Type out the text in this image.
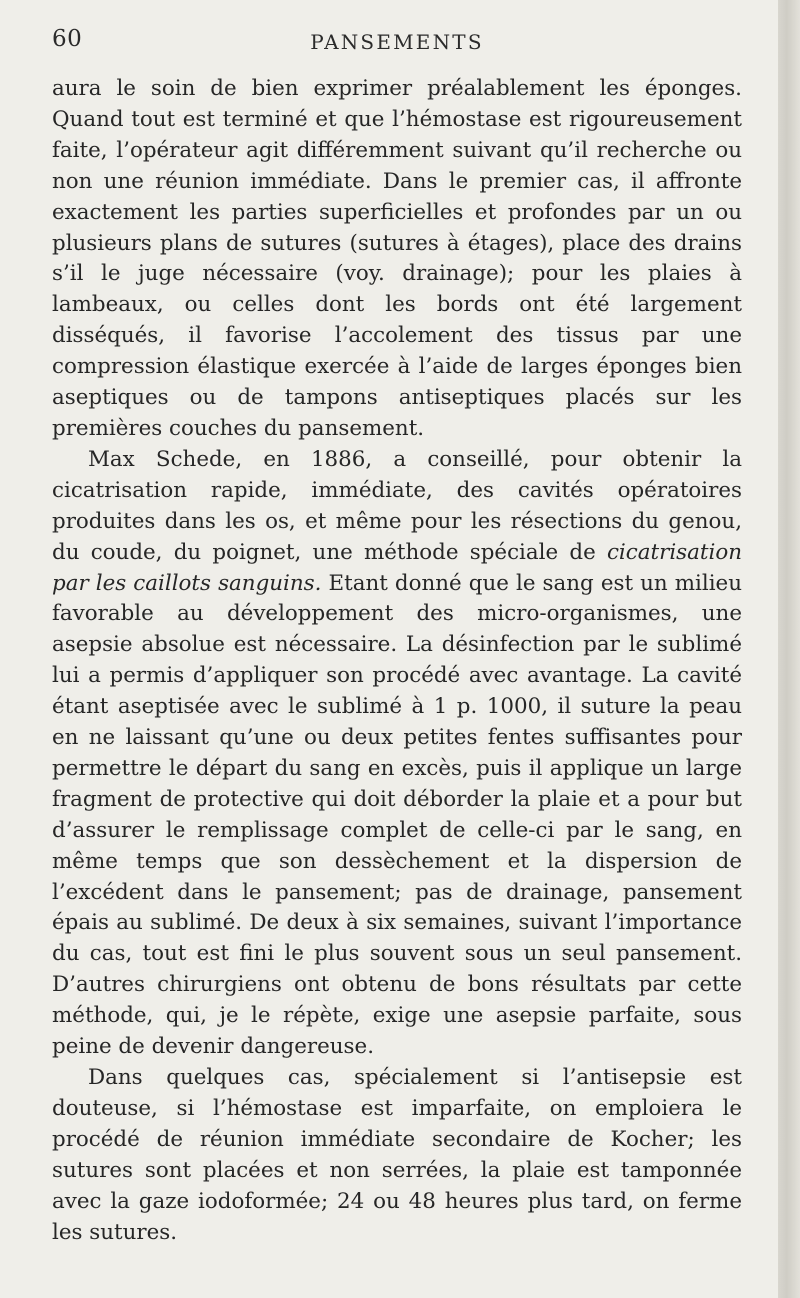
60	PANSEMENTS

aura le soin de bien exprimer préalablement les éponges. Quand tout est terminé et que l’hémostase est rigoureusement faite, l’opérateur agit différemment suivant qu’il recherche ou non une réunion immédiate. Dans le premier cas, il affronte exactement les parties superficielles et profondes par un ou plusieurs plans de sutures (sutures à étages), place des drains s’il le juge nécessaire (voy. drainage); pour les plaies à lambeaux, ou celles dont les bords ont été largement disséqués, il favorise l’accolement des tissus par une compression élastique exercée à l’aide de larges éponges bien aseptiques ou de tampons antiseptiques placés sur les premières couches du pansement.

Max Schede, en 1886, a conseillé, pour obtenir la cicatrisation rapide, immédiate, des cavités opératoires produites dans les os, et même pour les résections du genou, du coude, du poignet, une méthode spéciale de cicatrisation par les caillots sanguins. Etant donné que le sang est un milieu favorable au développement des micro-organismes, une asepsie absolue est nécessaire. La désinfection par le sublimé lui a permis d’appliquer son procédé avec avantage. La cavité étant aseptisée avec le sublimé à 1 p. 1000, il suture la peau en ne laissant qu’une ou deux petites fentes suffisantes pour permettre le départ du sang en excès, puis il applique un large fragment de protective qui doit déborder la plaie et a pour but d’assurer le remplissage complet de celle-ci par le sang, en même temps que son dessèchement et la dispersion de l’excédent dans le pansement; pas de drainage, pansement épais au sublimé. De deux à six semaines, suivant l’importance du cas, tout est fini le plus souvent sous un seul pansement. D’autres chirurgiens ont obtenu de bons résultats par cette méthode, qui, je le répète, exige une asepsie parfaite, sous peine de devenir dangereuse.

Dans quelques cas, spécialement si l’antisepsie est douteuse, si l’hémostase est imparfaite, on emploiera le procédé de réunion immédiate secondaire de Kocher; les sutures sont placées et non serrées, la plaie est tamponnée avec la gaze iodoformée; 24 ou 48 heures plus tard, on ferme les sutures.
